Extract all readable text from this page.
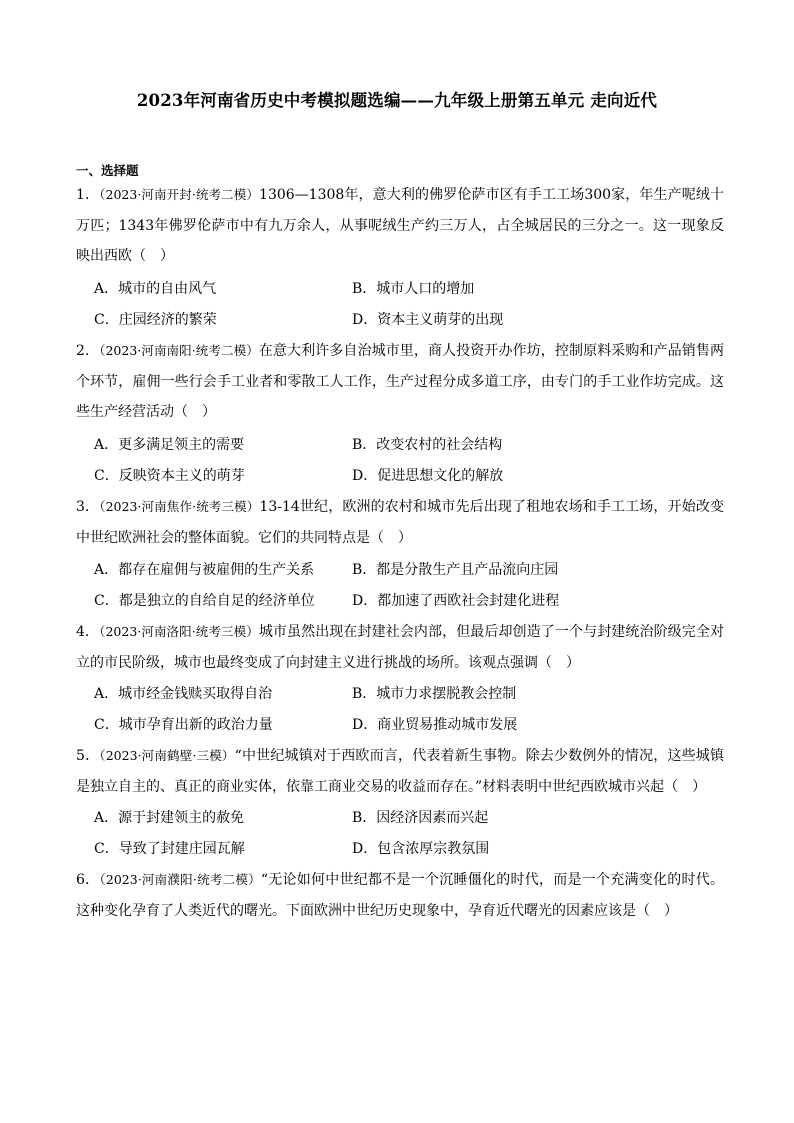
2023年河南省历史中考模拟题选编——九年级上册第五单元 走向近代
一、选择题
1．（2023·河南开封·统考二模）1306—1308年，意大利的佛罗伦萨市区有手工工场300家，年生产呢绒十万匹；1343年佛罗伦萨市中有九万余人，从事呢绒生产约三万人，占全城居民的三分之一。这一现象反映出西欧（　）
A．城市的自由风气	B．城市人口的增加
C．庄园经济的繁荣	D．资本主义萌芽的出现
2．（2023·河南南阳·统考二模）在意大利许多自治城市里，商人投资开办作坊，控制原料采购和产品销售两个环节，雇佣一些行会手工业者和零散工人工作，生产过程分成多道工序，由专门的手工业作坊完成。这些生产经营活动（　）
A．更多满足领主的需要	B．改变农村的社会结构
C．反映资本主义的萌芽	D．促进思想文化的解放
3．（2023·河南焦作·统考三模）13-14世纪，欧洲的农村和城市先后出现了租地农场和手工工场，开始改变中世纪欧洲社会的整体面貌。它们的共同特点是（　）
A．都存在雇佣与被雇佣的生产关系	B．都是分散生产且产品流向庄园
C．都是独立的自给自足的经济单位	D．都加速了西欧社会封建化进程
4．（2023·河南洛阳·统考三模）城市虽然出现在封建社会内部，但最后却创造了一个与封建统治阶级完全对立的市民阶级，城市也最终变成了向封建主义进行挑战的场所。该观点强调（　）
A．城市经金钱赎买取得自治	B．城市力求摆脱教会控制
C．城市孕育出新的政治力量	D．商业贸易推动城市发展
5．（2023·河南鹤壁·三模）“中世纪城镇对于西欧而言，代表着新生事物。除去少数例外的情况，这些城镇是独立自主的、真正的商业实体，依靠工商业交易的收益而存在。”材料表明中世纪西欧城市兴起（　）
A．源于封建领主的赦免	B．因经济因素而兴起
C．导致了封建庄园瓦解	D．包含浓厚宗教氛围
6．（2023·河南濮阳·统考二模）“无论如何中世纪都不是一个沉睡僵化的时代，而是一个充满变化的时代。这种变化孕育了人类近代的曙光。下面欧洲中世纪历史现象中，孕育近代曙光的因素应该是（　）
